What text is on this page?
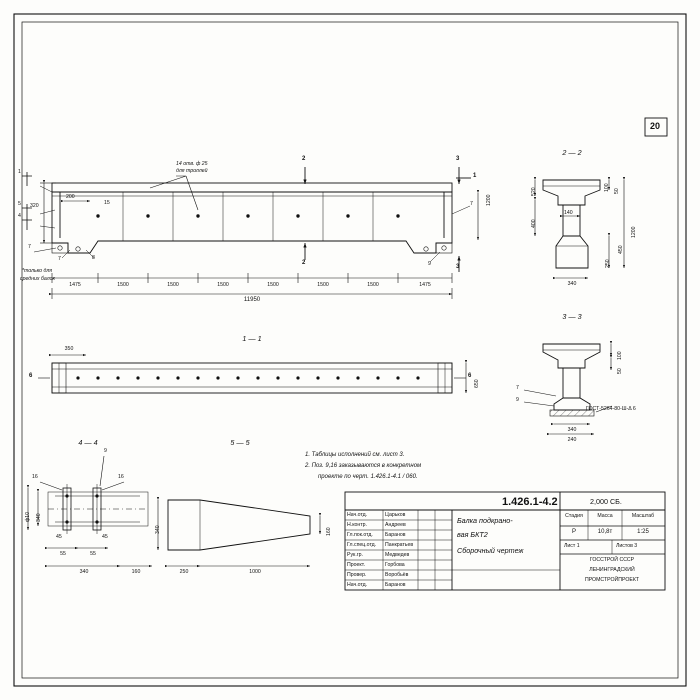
20
14 отв. ф 25
для троллей
2
2
3
3
1
1
5
4
7
7	8
9
7
*только для
средних балок
320
200
15	1200
1475	1500	1500	1500	1500	1500	1500	1475
11950
1 — 1
350
650
6	6
2 — 2
520
400
140
250
340
50
100
1200
450
3 — 3
100
50
340
240
7
9
ГОСТ-5264-80-Ш-Δ 6
4 — 4
9
16	16
340
ф10
55	55
45	45
340	160
5 — 5
340	160
250	1000
1. Таблицы исполнений см. лист 3.
2. Поз. 9,16 заказываются в конкретном
проекте по черт. 1.426.1-4.1 / 060.
1.426.1-4.2	2,000 СБ.
Балка подкрано-
вая БКТ2
Сборочный чертеж
Стадия	Масса	Масштаб
Р	10,8т	1:25
Лист 1	Листов 3
ГОССТРОЙ СССР
ЛЕНИНГРАДСКИЙ
ПРОМСТРОЙПРОЕКТ
Нач.отд.	Царьков
Н.контр.	Андреев
Гл.пок.отд. Баранов
Гл.спец.отд. Панкратьев
Рук.гр.	Медведев
Проект.	Горбова
Провер.	Воробьёв
Нач.отд.	Баранов
